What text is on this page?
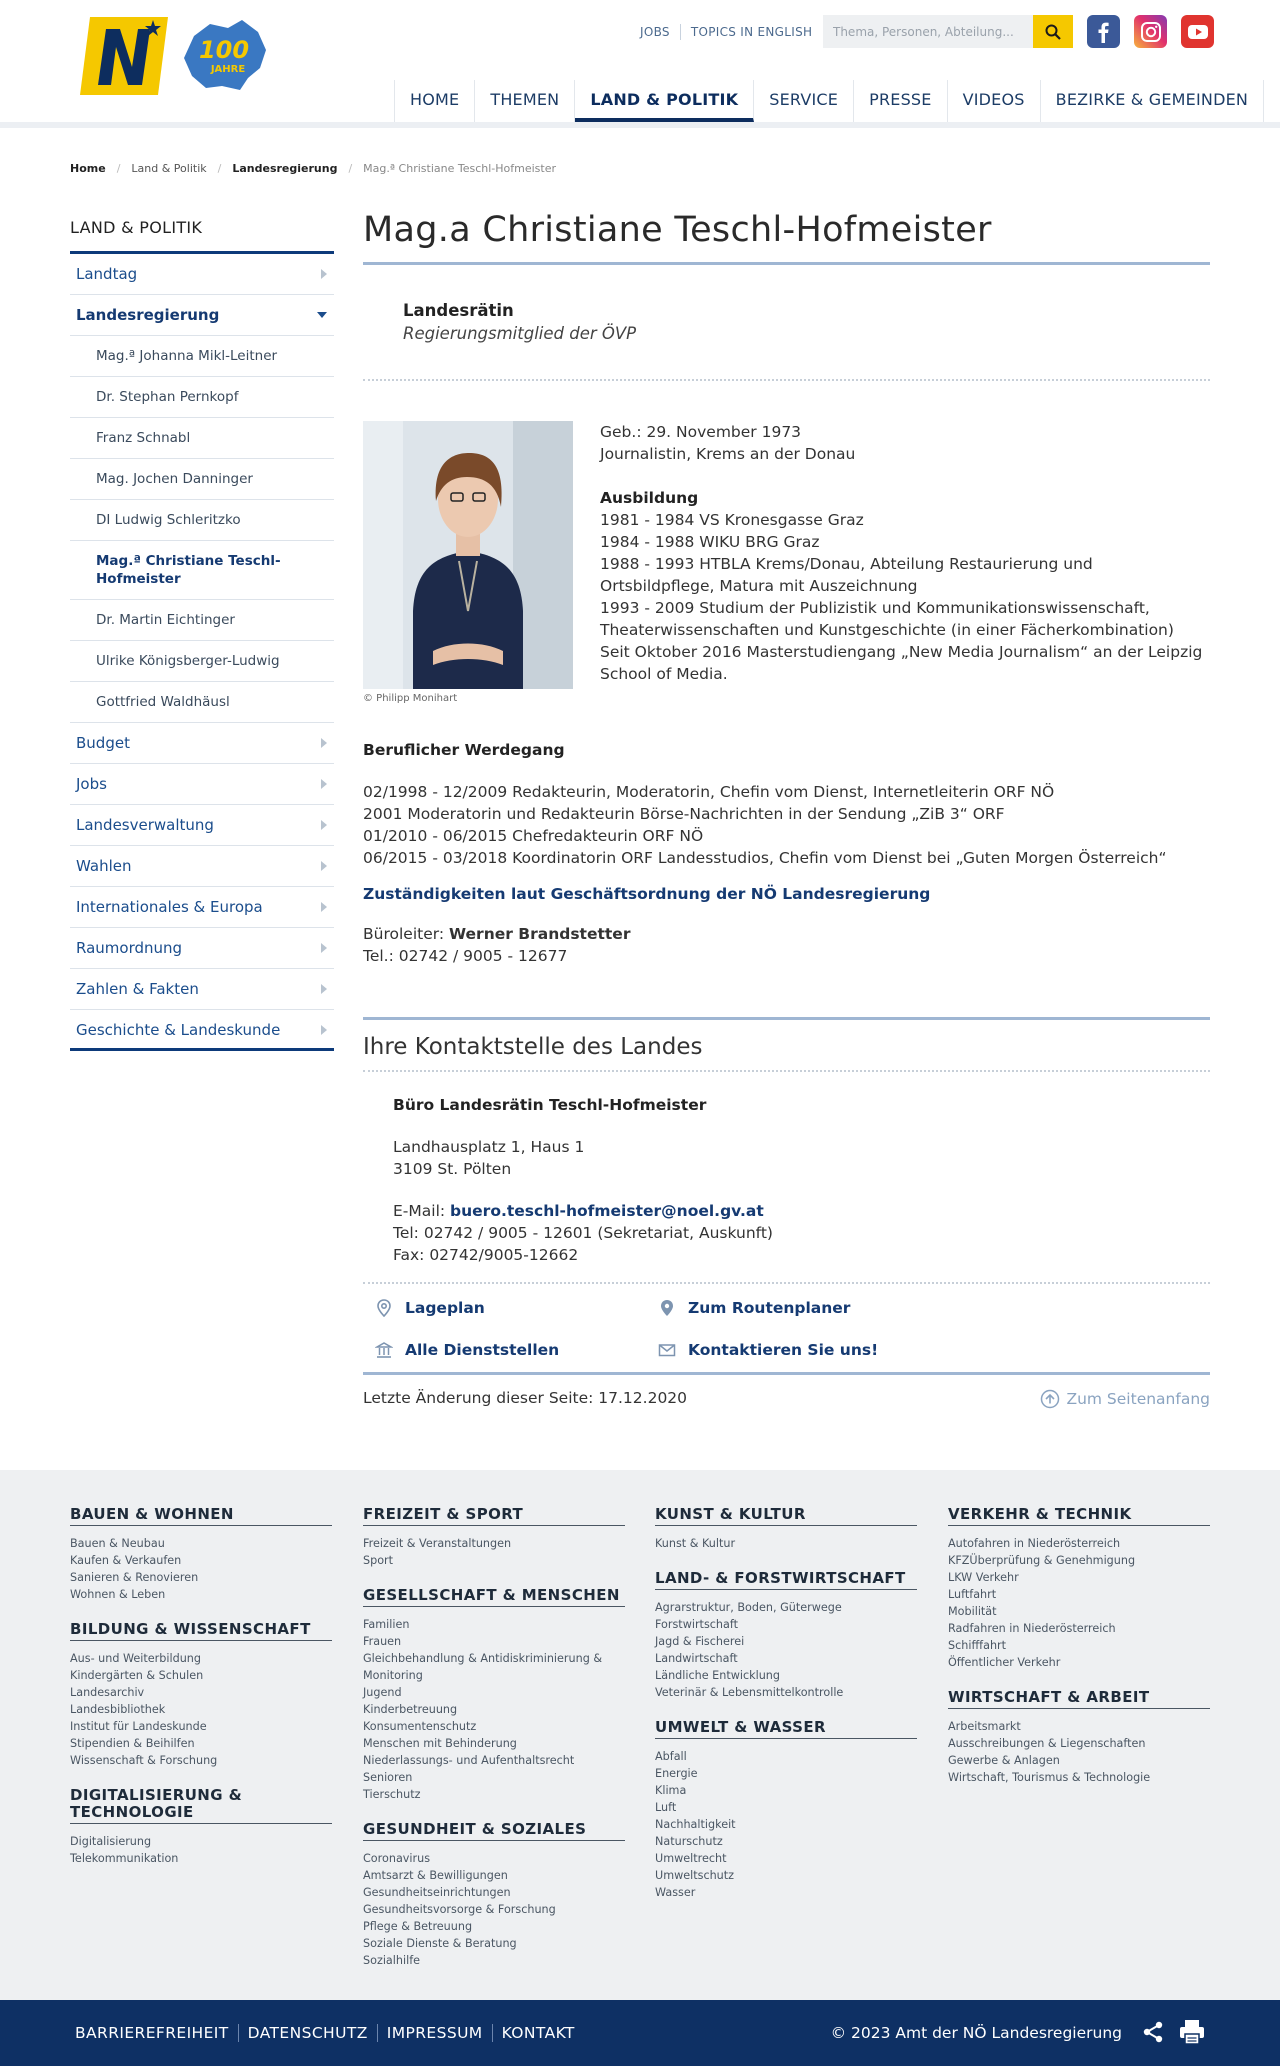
100
JAHRE
JOBS	TOPICS IN ENGLISH
Thema, Personen, Abteilung...
HOME	THEMEN	LAND & POLITIK	SERVICE	PRESSE	VIDEOS	BEZIRKE & GEMEINDEN
Home / Land & Politik / Landesregierung / Mag.ª Christiane Teschl-Hofmeister
LAND & POLITIK
Landtag
Landesregierung
Mag.ª Johanna Mikl-Leitner
Dr. Stephan Pernkopf
Franz Schnabl
Mag. Jochen Danninger
DI Ludwig Schleritzko
Mag.ª Christiane Teschl-Hofmeister
Dr. Martin Eichtinger
Ulrike Königsberger-Ludwig
Gottfried Waldhäusl
Budget
Jobs
Landesverwaltung
Wahlen
Internationales & Europa
Raumordnung
Zahlen & Fakten
Geschichte & Landeskunde
Mag.a Christiane Teschl-Hofmeister
Landesrätin
Regierungsmitglied der ÖVP
© Philipp Monihart
Geb.: 29. November 1973
Journalistin, Krems an der Donau
Ausbildung
1981 - 1984 VS Kronesgasse Graz
1984 - 1988 WIKU BRG Graz
1988 - 1993 HTBLA Krems/Donau, Abteilung Restaurierung und Ortsbildpflege, Matura mit Auszeichnung
1993 - 2009 Studium der Publizistik und Kommunikationswissenschaft, Theaterwissenschaften und Kunstgeschichte (in einer Fächerkombination)
Seit Oktober 2016 Masterstudiengang „New Media Journalism“ an der Leipzig School of Media.
Beruflicher Werdegang
02/1998 - 12/2009 Redakteurin, Moderatorin, Chefin vom Dienst, Internetleiterin ORF NÖ
2001 Moderatorin und Redakteurin Börse-Nachrichten in der Sendung „ZiB 3“ ORF
01/2010 - 06/2015 Chefredakteurin ORF NÖ
06/2015 - 03/2018 Koordinatorin ORF Landesstudios, Chefin vom Dienst bei „Guten Morgen Österreich“
Zuständigkeiten laut Geschäftsordnung der NÖ Landesregierung
Büroleiter: Werner Brandstetter
Tel.: 02742 / 9005 - 12677
Ihre Kontaktstelle des Landes
Büro Landesrätin Teschl-Hofmeister
Landhausplatz 1, Haus 1
3109 St. Pölten
E-Mail: buero.teschl-hofmeister@noel.gv.at
Tel: 02742 / 9005 - 12601 (Sekretariat, Auskunft)
Fax: 02742/9005-12662
Lageplan	Zum Routenplaner
Alle Dienststellen	Kontaktieren Sie uns!
Letzte Änderung dieser Seite: 17.12.2020	Zum Seitenanfang
BAUEN & WOHNEN
Bauen & Neubau
Kaufen & Verkaufen
Sanieren & Renovieren
Wohnen & Leben
BILDUNG & WISSENSCHAFT
Aus- und Weiterbildung
Kindergärten & Schulen
Landesarchiv
Landesbibliothek
Institut für Landeskunde
Stipendien & Beihilfen
Wissenschaft & Forschung
DIGITALISIERUNG & TECHNOLOGIE
Digitalisierung
Telekommunikation
FREIZEIT & SPORT
Freizeit & Veranstaltungen
Sport
GESELLSCHAFT & MENSCHEN
Familien
Frauen
Gleichbehandlung & Antidiskriminierung & Monitoring
Jugend
Kinderbetreuung
Konsumentenschutz
Menschen mit Behinderung
Niederlassungs- und Aufenthaltsrecht
Senioren
Tierschutz
GESUNDHEIT & SOZIALES
Coronavirus
Amtsarzt & Bewilligungen
Gesundheitseinrichtungen
Gesundheitsvorsorge & Forschung
Pflege & Betreuung
Soziale Dienste & Beratung
Sozialhilfe
KUNST & KULTUR
Kunst & Kultur
LAND- & FORSTWIRTSCHAFT
Agrarstruktur, Boden, Güterwege
Forstwirtschaft
Jagd & Fischerei
Landwirtschaft
Ländliche Entwicklung
Veterinär & Lebensmittelkontrolle
UMWELT & WASSER
Abfall
Energie
Klima
Luft
Nachhaltigkeit
Naturschutz
Umweltrecht
Umweltschutz
Wasser
VERKEHR & TECHNIK
Autofahren in Niederösterreich
KFZÜberprüfung & Genehmigung
LKW Verkehr
Luftfahrt
Mobilität
Radfahren in Niederösterreich
Schifffahrt
Öffentlicher Verkehr
WIRTSCHAFT & ARBEIT
Arbeitsmarkt
Ausschreibungen & Liegenschaften
Gewerbe & Anlagen
Wirtschaft, Tourismus & Technologie
BARRIEREFREIHEIT	DATENSCHUTZ	IMPRESSUM	KONTAKT	© 2023 Amt der NÖ Landesregierung
